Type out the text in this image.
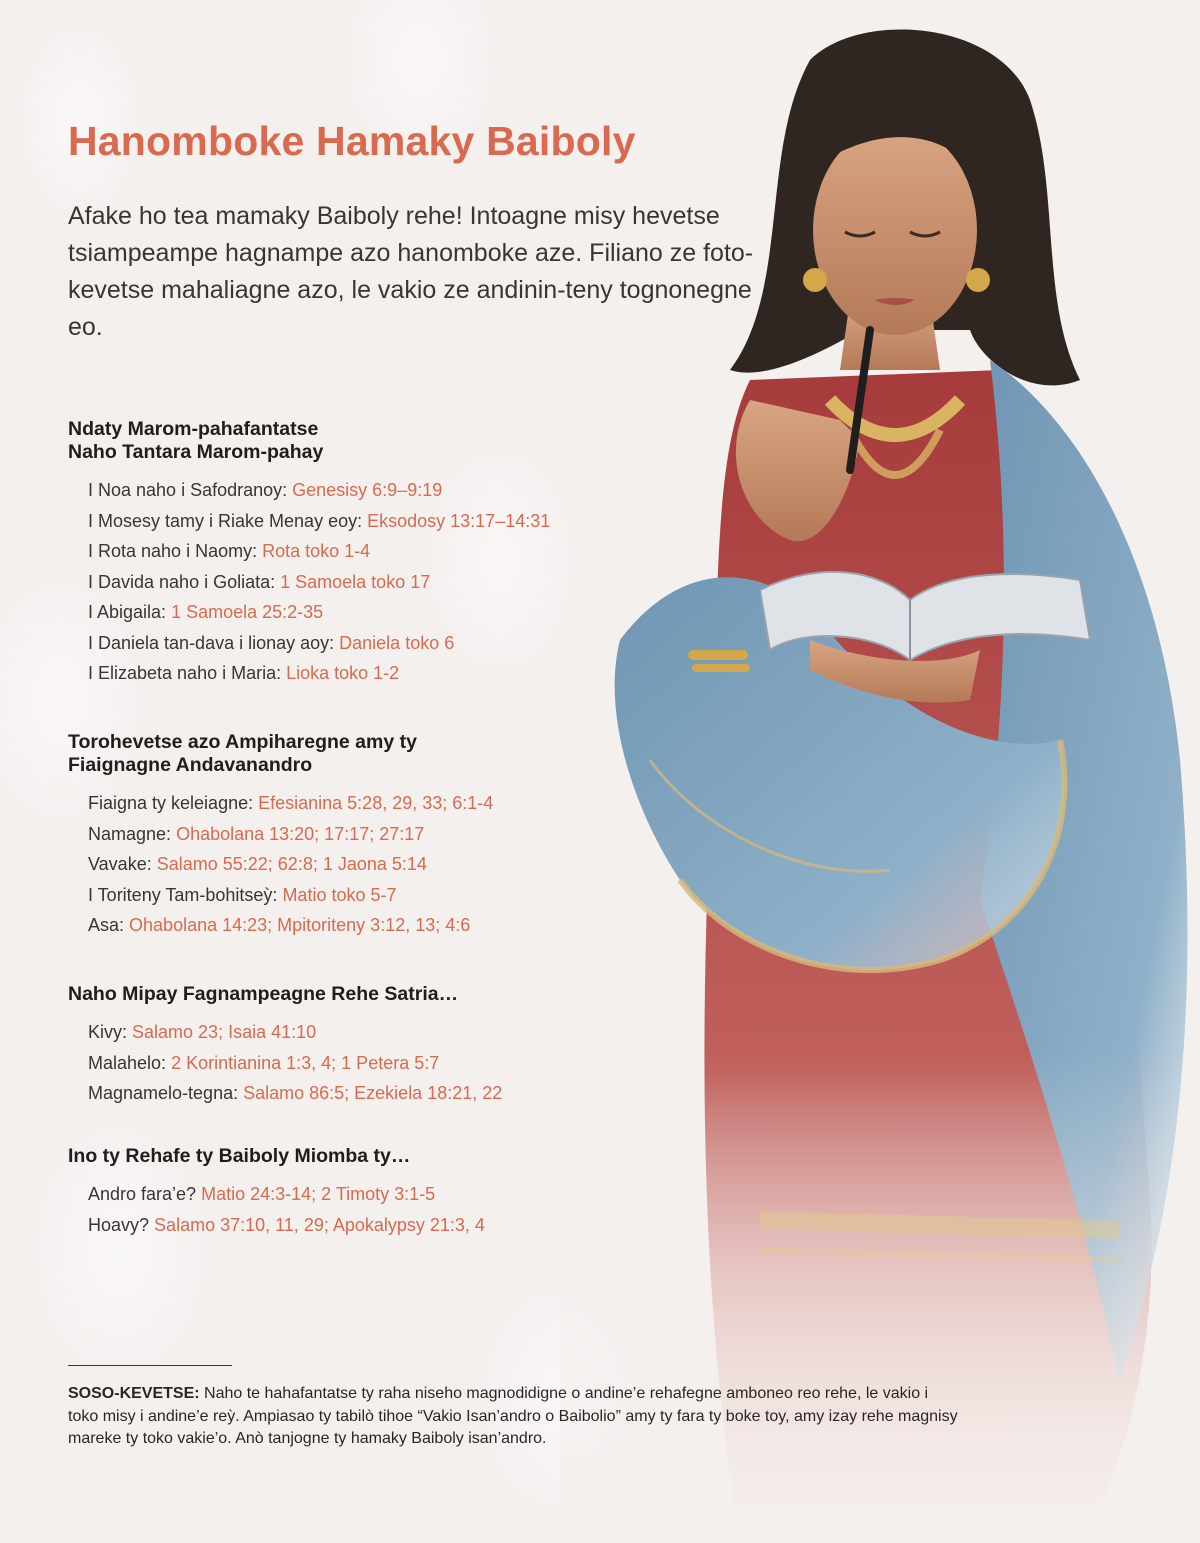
Hanomboke Hamaky Baiboly

Afake ho tea mamaky Baiboly rehe! Intoagne misy hevetse tsiampeampe hagnampe azo hanomboke aze. Filiano ze foto-kevetse mahaliagne azo, le vakio ze andinin-teny tognonegne eo.

Ndaty Marom-pahafantatse
Naho Tantara Marom-pahay
I Noa naho i Safodranoy: Genesisy 6:9–9:19
I Mosesy tamy i Riake Menay eoy: Eksodosy 13:17–14:31
I Rota naho i Naomy: Rota toko 1-4
I Davida naho i Goliata: 1 Samoela toko 17
I Abigaila: 1 Samoela 25:2-35
I Daniela tan-dava i lionay aoy: Daniela toko 6
I Elizabeta naho i Maria: Lioka toko 1-2
Torohevetse azo Ampiharegne amy ty
Fiaignagne Andavanandro
Fiaigna ty keleiagne: Efesianina 5:28, 29, 33; 6:1-4
Namagne: Ohabolana 13:20; 17:17; 27:17
Vavake: Salamo 55:22; 62:8; 1 Jaona 5:14
I Toriteny Tam-bohitseỳ: Matio toko 5-7
Asa: Ohabolana 14:23; Mpitoriteny 3:12, 13; 4:6
Naho Mipay Fagnampeagne Rehe Satria…
Kivy: Salamo 23; Isaia 41:10
Malahelo: 2 Korintianina 1:3, 4; 1 Petera 5:7
Magnamelo-tegna: Salamo 86:5; Ezekiela 18:21, 22
Ino ty Rehafe ty Baiboly Miomba ty…
Andro fara’e? Matio 24:3-14; 2 Timoty 3:1-5
Hoavy? Salamo 37:10, 11, 29; Apokalypsy 21:3, 4

SOSO-KEVETSE: Naho te hahafantatse ty raha niseho magnodidigne o andine’e rehafegne amboneo reo rehe, le vakio i toko misy i andine’e reỳ. Ampiasao ty tabilò tihoe “Vakio Isan’andro o Baibolio” amy ty fara ty boke toy, amy izay rehe magnisy mareke ty toko vakie’o. Anò tanjogne ty hamaky Baiboly isan’andro.
